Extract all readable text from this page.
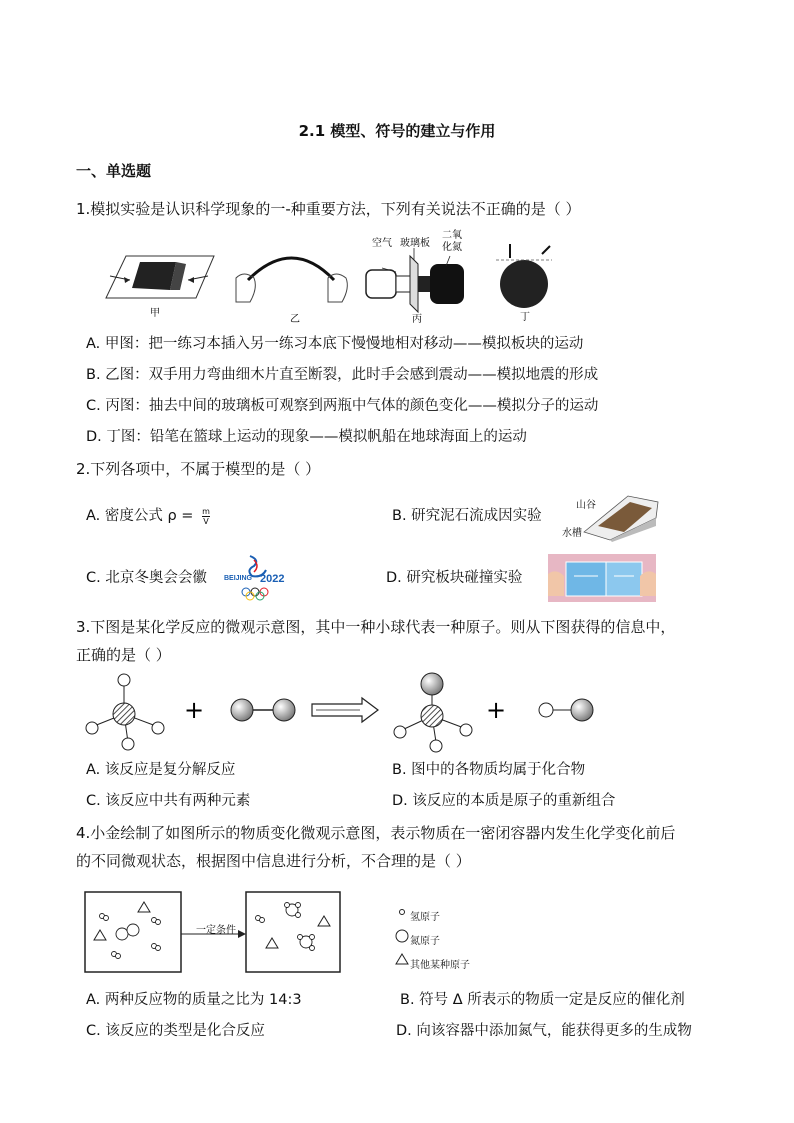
2.1 模型、符号的建立与作用
一、单选题
1.模拟实验是认识科学现象的一-种重要方法，下列有关说法不正确的是（ ）
甲
乙
空气 玻璃板
二氧
化氮
丙	丁
A. 甲图：把一练习本插入另一练习本底下慢慢地相对移动——模拟板块的运动
B. 乙图：双手用力弯曲细木片直至断裂，此时手会感到震动——模拟地震的形成
C. 丙图：抽去中间的玻璃板可观察到两瓶中气体的颜色变化——模拟分子的运动
D. 丁图：铅笔在篮球上运动的现象——模拟帆船在地球海面上的运动
2.下列各项中，不属于模型的是（ ）
A. 密度公式 $\rho = \frac{m}{V}$	B. 研究泥石流成因实验
山谷
水槽
C. 北京冬奥会会徽 BEIJING 2022	D. 研究板块碰撞实验
3.下图是某化学反应的微观示意图，其中一种小球代表一种原子。则从下图获得的信息中，
正确的是（ ）
+	+
A. 该反应是复分解反应	B. 图中的各物质均属于化合物
C. 该反应中共有两种元素	D. 该反应的本质是原子的重新组合
4.小金绘制了如图所示的物质变化微观示意图，表示物质在一密闭容器内发生化学变化前后
的不同微观状态，根据图中信息进行分析，不合理的是（ ）
一定条件
氢原子
氮原子
其他某种原子
A. 两种反应物的质量之比为 14:3	B. 符号 Δ 所表示的物质一定是反应的催化剂
C. 该反应的类型是化合反应	D. 向该容器中添加氮气，能获得更多的生成物
